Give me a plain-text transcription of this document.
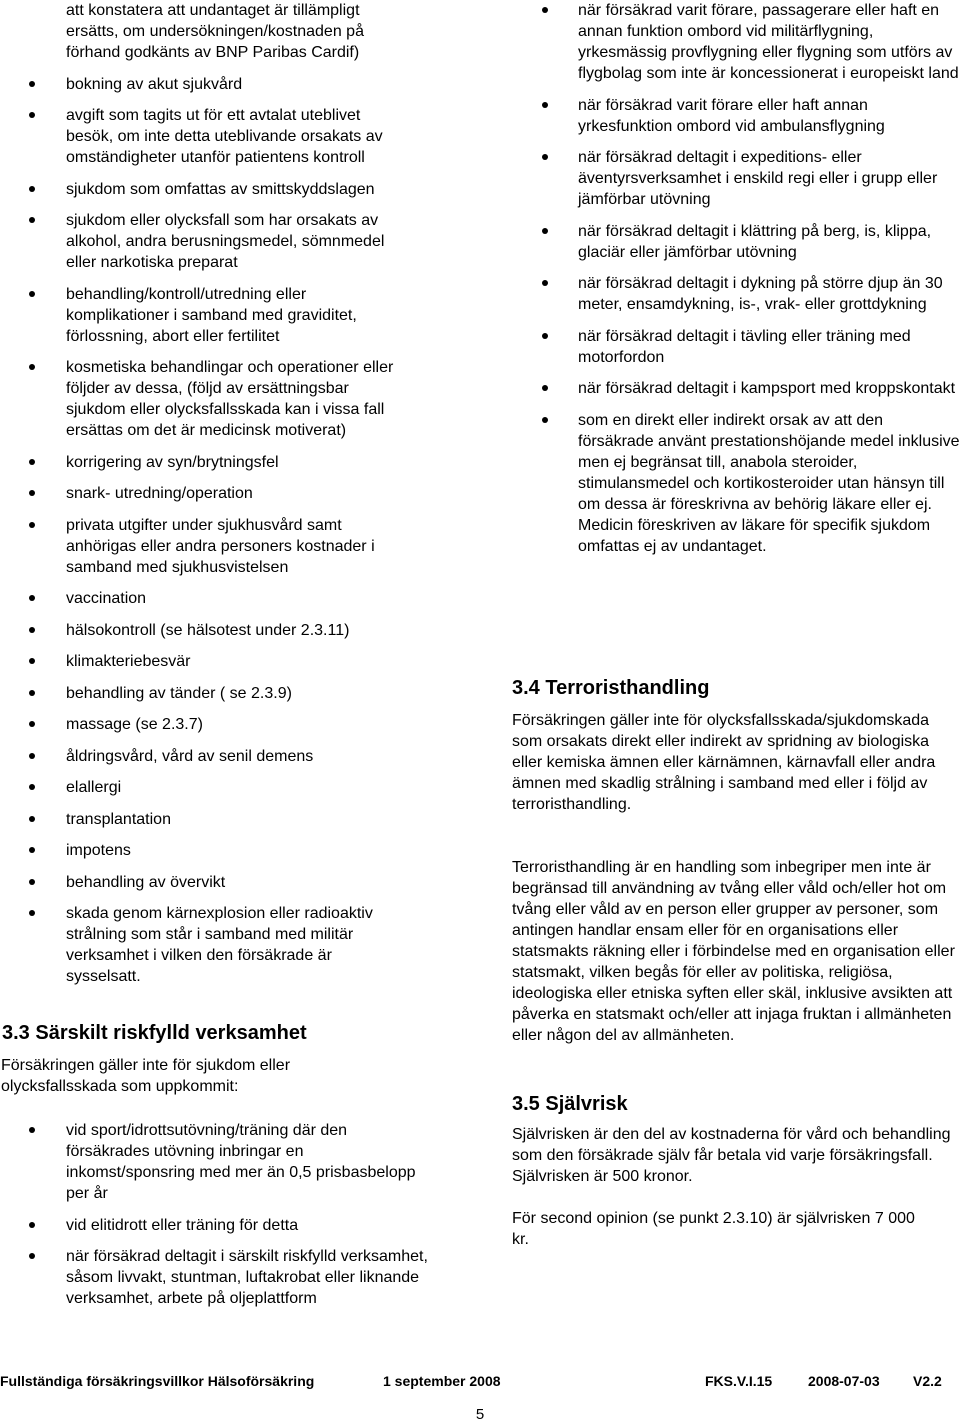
att konstatera att undantaget är tillämpligt ersätts, om undersökningen/kostnaden på förhand godkänts av BNP Paribas Cardif)
bokning av akut sjukvård
avgift som tagits ut för ett avtalat uteblivet besök, om inte detta uteblivande orsakats av omständigheter utanför patientens kontroll
sjukdom som omfattas av smittskyddslagen
sjukdom eller olycksfall som har orsakats av alkohol, andra berusningsmedel, sömnmedel eller narkotiska preparat
behandling/kontroll/utredning eller komplikationer i samband med graviditet, förlossning, abort eller fertilitet
kosmetiska behandlingar och operationer eller följder av dessa, (följd av ersättningsbar sjukdom eller olycksfallsskada kan i vissa fall ersättas om det är medicinsk motiverat)
korrigering av syn/brytningsfel
snark- utredning/operation
privata utgifter under sjukhusvård samt anhörigas eller andra personers kostnader i samband med sjukhusvistelsen
vaccination
hälsokontroll (se hälsotest under 2.3.11)
klimakteriebesvär
behandling av tänder ( se 2.3.9)
massage (se 2.3.7)
åldringsvård, vård av senil demens
elallergi
transplantation
impotens
behandling av övervikt
skada genom kärnexplosion eller radioaktiv strålning som står i samband med militär verksamhet i vilken den försäkrade är sysselsatt.
3.3 Särskilt riskfylld verksamhet

Försäkringen gäller inte för sjukdom eller olycksfallsskada som uppkommit:

vid sport/idrottsutövning/träning där den försäkrades utövning inbringar en inkomst/sponsring med mer än 0,5 prisbasbelopp per år
vid elitidrott eller träning för detta
när försäkrad deltagit i särskilt riskfylld verksamhet, såsom livvakt, stuntman, luftakrobat eller liknande verksamhet, arbete på oljeplattform
när försäkrad varit förare, passagerare eller haft en annan funktion ombord vid militärflygning, yrkesmässig provflygning eller flygning som utförs av flygbolag som inte är koncessionerat i europeiskt land
när försäkrad varit förare eller haft annan yrkesfunktion ombord vid ambulansflygning
när försäkrad deltagit i expeditions- eller äventyrsverksamhet i enskild regi eller i grupp eller jämförbar utövning
när försäkrad deltagit i klättring på berg, is, klippa, glaciär eller jämförbar utövning
när försäkrad deltagit i dykning på större djup än 30 meter, ensamdykning, is-, vrak- eller grottdykning
när försäkrad deltagit i tävling eller träning med motorfordon
när försäkrad deltagit i kampsport med kroppskontakt
som en direkt eller indirekt orsak av att den försäkrade använt prestationshöjande medel inklusive men ej begränsat till, anabola steroider, stimulansmedel och kortikosteroider utan hänsyn till om dessa är föreskrivna av behörig läkare eller ej. Medicin föreskriven av läkare för specifik sjukdom omfattas ej av undantaget.
3.4 Terroristhandling

Försäkringen gäller inte för olycksfallsskada/sjukdomskada som orsakats direkt eller indirekt av spridning av biologiska eller kemiska ämnen eller kärnämnen, kärnavfall eller andra ämnen med skadlig strålning i samband med eller i följd av terroristhandling.

Terroristhandling är en handling som inbegriper men inte är begränsad till användning av tvång eller våld och/eller hot om tvång eller våld av en person eller grupper av personer, som antingen handlar ensam eller för en organisations eller statsmakts räkning eller i förbindelse med en organisation eller statsmakt, vilken begås för eller av politiska, religiösa, ideologiska eller etniska syften eller skäl, inklusive avsikten att påverka en statsmakt och/eller att injaga fruktan i allmänheten eller någon del av allmänheten.

3.5 Självrisk

Självrisken är den del av kostnaderna för vård och behandling som den försäkrade själv får betala vid varje försäkringsfall. Självrisken är 500 kronor.

För second opinion (se punkt 2.3.10) är självrisken 7 000 kr.

Fullständiga försäkringsvillkor Hälsoförsäkring	1 september 2008	FKS.V.I.15	2008-07-03 V2.2
5
